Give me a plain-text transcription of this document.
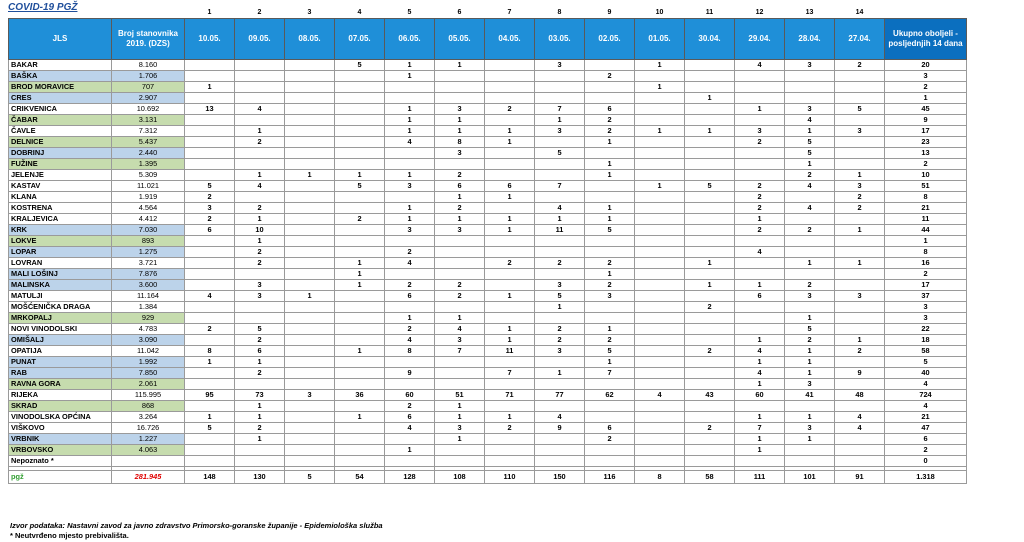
COVID-19 PGŽ
			1	2	3	4	5	6	7	8	9	10	11	12	13	14	
JLS	Broj stanovnika 2019. (DZS)	10.05.	09.05.	08.05.	07.05.	06.05.	05.05.	04.05.	03.05.	02.05.	01.05.	30.04.	29.04.	28.04.	27.04.	Ukupno oboljeli - posljednjih 14 dana
BAKAR	8.160				5	1	1		3		1		4	3	2	20
BAŠKA	1.706					1				2						3
BROD MORAVICE	707	1									1					2
CRES	2.907											1				1
CRIKVENICA	10.692	13	4			1	3	2	7	6			1	3	5	45
ČABAR	3.131					1	1		1	2				4		9
ČAVLE	7.312		1			1	1	1	3	2	1	1	3	1	3	17
DELNICE	5.437		2			4	8	1		1			2	5		23
DOBRINJ	2.440						3		5					5		13
FUŽINE	1.395									1				1		2
JELENJE	5.309		1	1	1	1	2			1				2	1	10
KASTAV	11.021	5	4		5	3	6	6	7		1	5	2	4	3	51
KLANA	1.919	2					1	1					2		2	8
KOSTRENA	4.564	3	2			1	2		4	1			2	4	2	21
KRALJEVICA	4.412	2	1		2	1	1	1	1	1			1			11
KRK	7.030	6	10			3	3	1	11	5			2	2	1	44
LOKVE	893		1													1
LOPAR	1.275		2			2							4			8
LOVRAN	3.721		2		1	4		2	2	2		1		1	1	16
MALI LOŠINJ	7.876				1					1						2
MALINSKA	3.600		3		1	2	2		3	2		1	1	2		17
MATULJI	11.164	4	3	1		6	2	1	5	3			6	3	3	37
MOŠĆENIČKA DRAGA	1.384								1			2				3
MRKOPALJ	929					1	1							1		3
NOVI VINODOLSKI	4.783	2	5			2	4	1	2	1				5		22
OMIŠALJ	3.090		2			4	3	1	2	2			1	2	1	18
OPATIJA	11.042	8	6		1	8	7	11	3	5		2	4	1	2	58
PUNAT	1.992	1	1							1			1	1		5
RAB	7.850		2			9		7	1	7			4	1	9	40
RAVNA GORA	2.061												1	3		4
RIJEKA	115.995	95	73	3	36	60	51	71	77	62	4	43	60	41	48	724
SKRAD	868		1			2	1									4
VINODOLSKA OPĆINA	3.264	1	1		1	6	1	1	4				1	1	4	21
VIŠKOVO	16.726	5	2			4	3	2	9	6		2	7	3	4	47
VRBNIK	1.227		1				1			2			1	1		6
VRBOVSKO	4.063					1							1			2
Nepoznato *																0

pgž	281.945	148	130	5	54	128	108	110	150	116	8	58	111	101	91	1.318
Izvor podataka: Nastavni zavod za javno zdravstvo Primorsko-goranske županije - Epidemiološka služba
* Neutvrđeno mjesto prebivališta.
